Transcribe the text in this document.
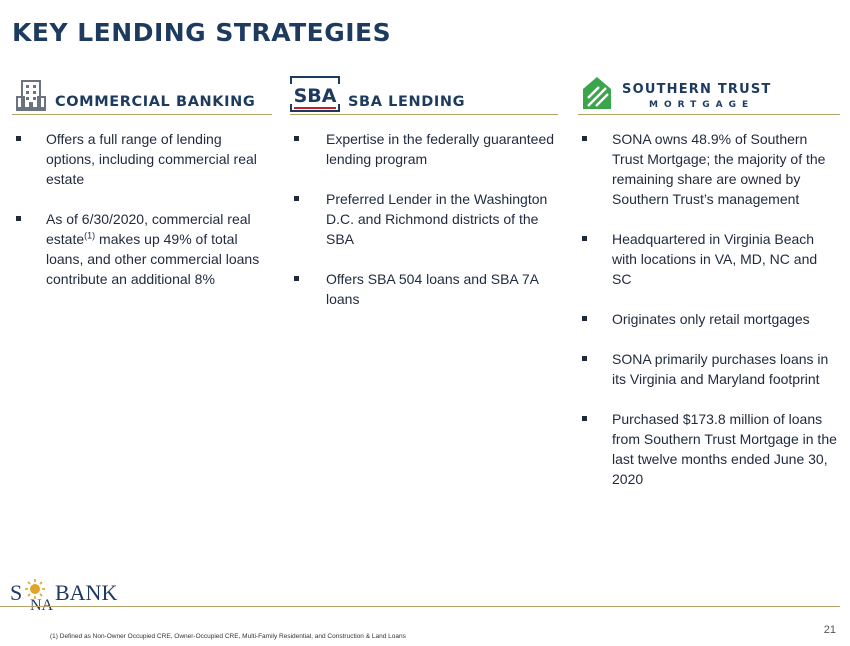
KEY LENDING STRATEGIES
COMMERCIAL BANKING
Offers a full range of lending options, including commercial real estate
As of 6/30/2020, commercial real estate$^{(1)}$ makes up 49% of total loans, and other commercial loans contribute an additional 8%
SBA SBA LENDING
Expertise in the federally guaranteed lending program
Preferred Lender in the Washington D.C. and Richmond districts of the SBA
Offers SBA 504 loans and SBA 7A loans
SOUTHERN TRUST
MORTGAGE
SONA owns 48.9% of Southern Trust Mortgage; the majority of the remaining share are owned by Southern Trust’s management
Headquartered in Virginia Beach with locations in VA, MD, NC and SC
Originates only retail mortgages
SONA primarily purchases loans in its Virginia and Maryland footprint
Purchased $173.8 million of loans from Southern Trust Mortgage in the last twelve months ended June 30, 2020
S
NA
BANK
(1) Defined as Non-Owner Occupied CRE, Owner-Occupied CRE, Multi-Family Residential, and Construction & Land Loans
21
